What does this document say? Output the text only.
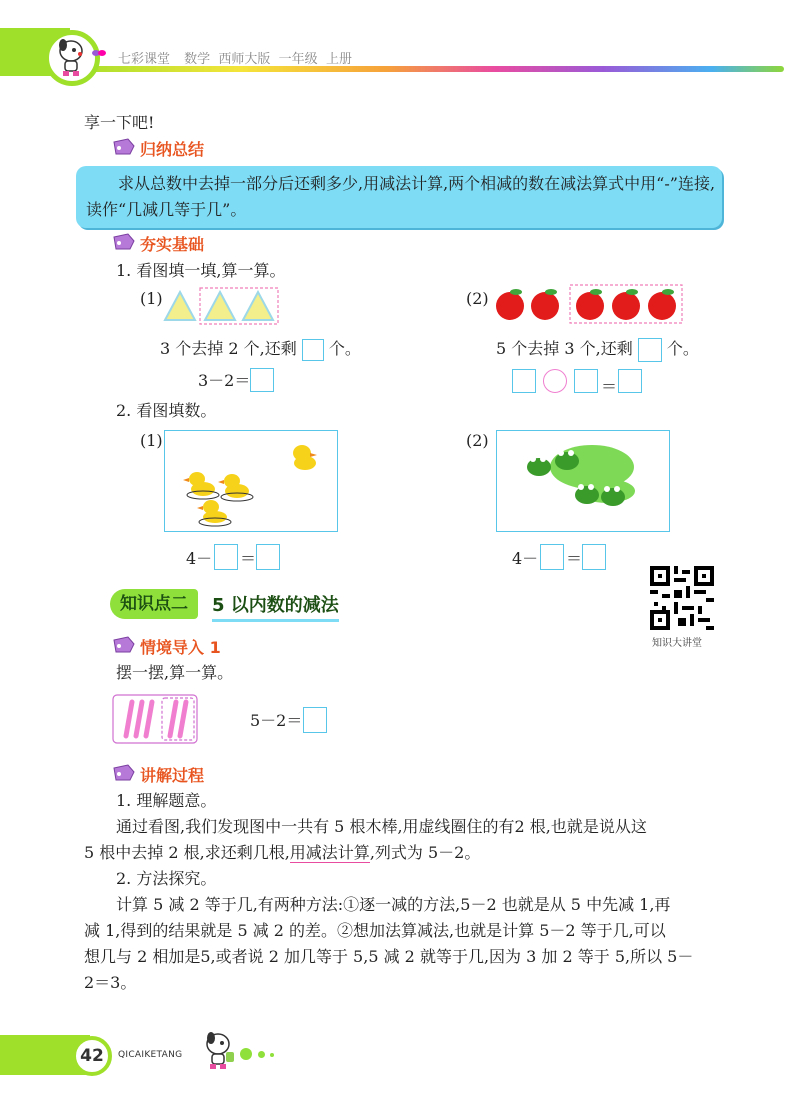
七彩课堂 数学  西师大版  一年级  上册
享一下吧!
归纳总结
求从总数中去掉一部分后还剩多少,用减法计算,两个相减的数在减法算式中用“-”连接,读作“几减几等于几”。
夯实基础
1. 看图填一填,算一算。
(1)
3 个去掉 2 个,还剩 个。
3－2＝
(2)
5 个去掉 3 个,还剩 个。
＝
2. 看图填数。
(1)
4－ ＝
(2)
4－ ＝
知识点二	5 以内数的减法
知识大讲堂
情境导入 1
摆一摆,算一算。
5－2＝
讲解过程
1. 理解题意。
通过看图,我们发现图中一共有 5 根木棒,用虚线圈住的有2 根,也就是说从这
5 根中去掉 2 根,求还剩几根,用减法计算,列式为 5－2。
2. 方法探究。
计算 5 减 2 等于几,有两种方法:①逐一减的方法,5－2 也就是从 5 中先减 1,再
减 1,得到的结果就是 5 减 2 的差。②想加法算减法,也就是计算 5－2 等于几,可以
想几与 2 相加是5,或者说 2 加几等于 5,5 减 2 就等于几,因为 3 加 2 等于 5,所以 5－
2＝3。
42	QICAIKETANG
